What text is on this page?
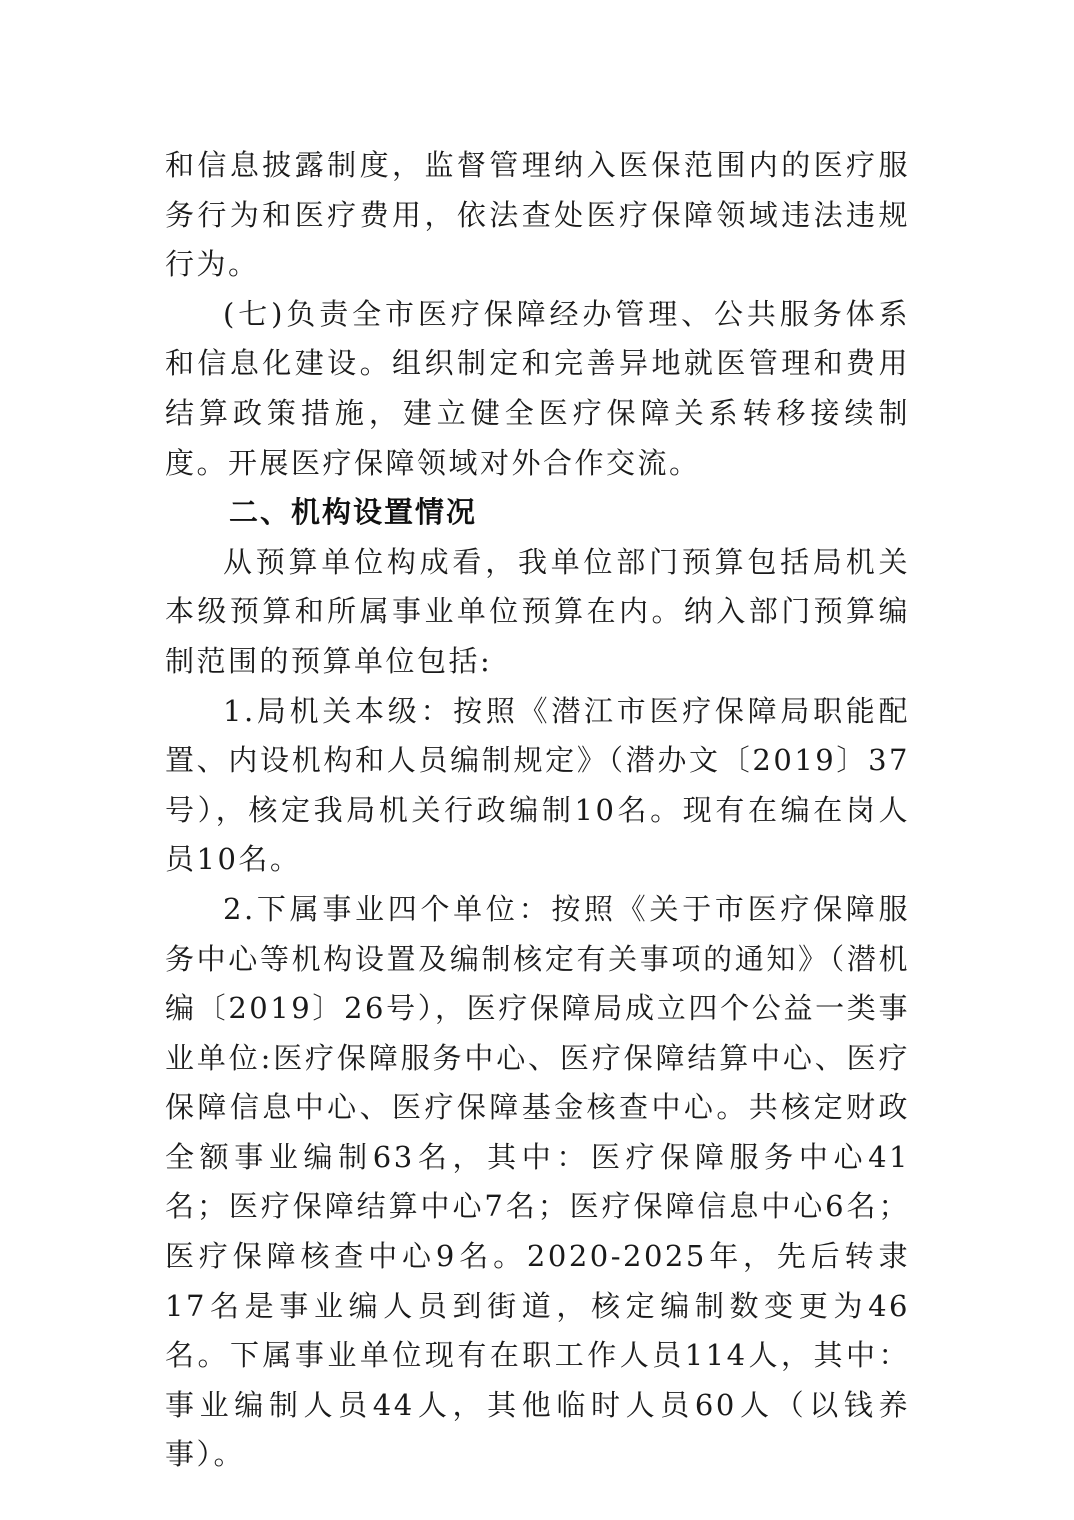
和信息披露制度，监督管理纳入医保范围内的医疗服务行为和医疗费用，依法查处医疗保障领域违法违规行为。

(七)负责全市医疗保障经办管理、公共服务体系和信息化建设。组织制定和完善异地就医管理和费用结算政策措施，建立健全医疗保障关系转移接续制度。开展医疗保障领域对外合作交流。

二、机构设置情况

从预算单位构成看，我单位部门预算包括局机关本级预算和所属事业单位预算在内。纳入部门预算编制范围的预算单位包括:

1.局机关本级：按照《潜江市医疗保障局职能配置、内设机构和人员编制规定》（潜办文〔2019〕37号），核定我局机关行政编制10名。现有在编在岗人员10名。

2.下属事业四个单位：按照《关于市医疗保障服务中心等机构设置及编制核定有关事项的通知》（潜机编〔2019〕26号），医疗保障局成立四个公益一类事业单位:医疗保障服务中心、医疗保障结算中心、医疗保障信息中心、医疗保障基金核查中心。共核定财政全额事业编制63名，其中：医疗保障服务中心41名；医疗保障结算中心7名；医疗保障信息中心6名；医疗保障核查中心9名。2020-2025年，先后转隶17名是事业编人员到街道，核定编制数变更为46名。下属事业单位现有在职工作人员114人，其中：事业编制人员44人，其他临时人员60人（以钱养事）。
